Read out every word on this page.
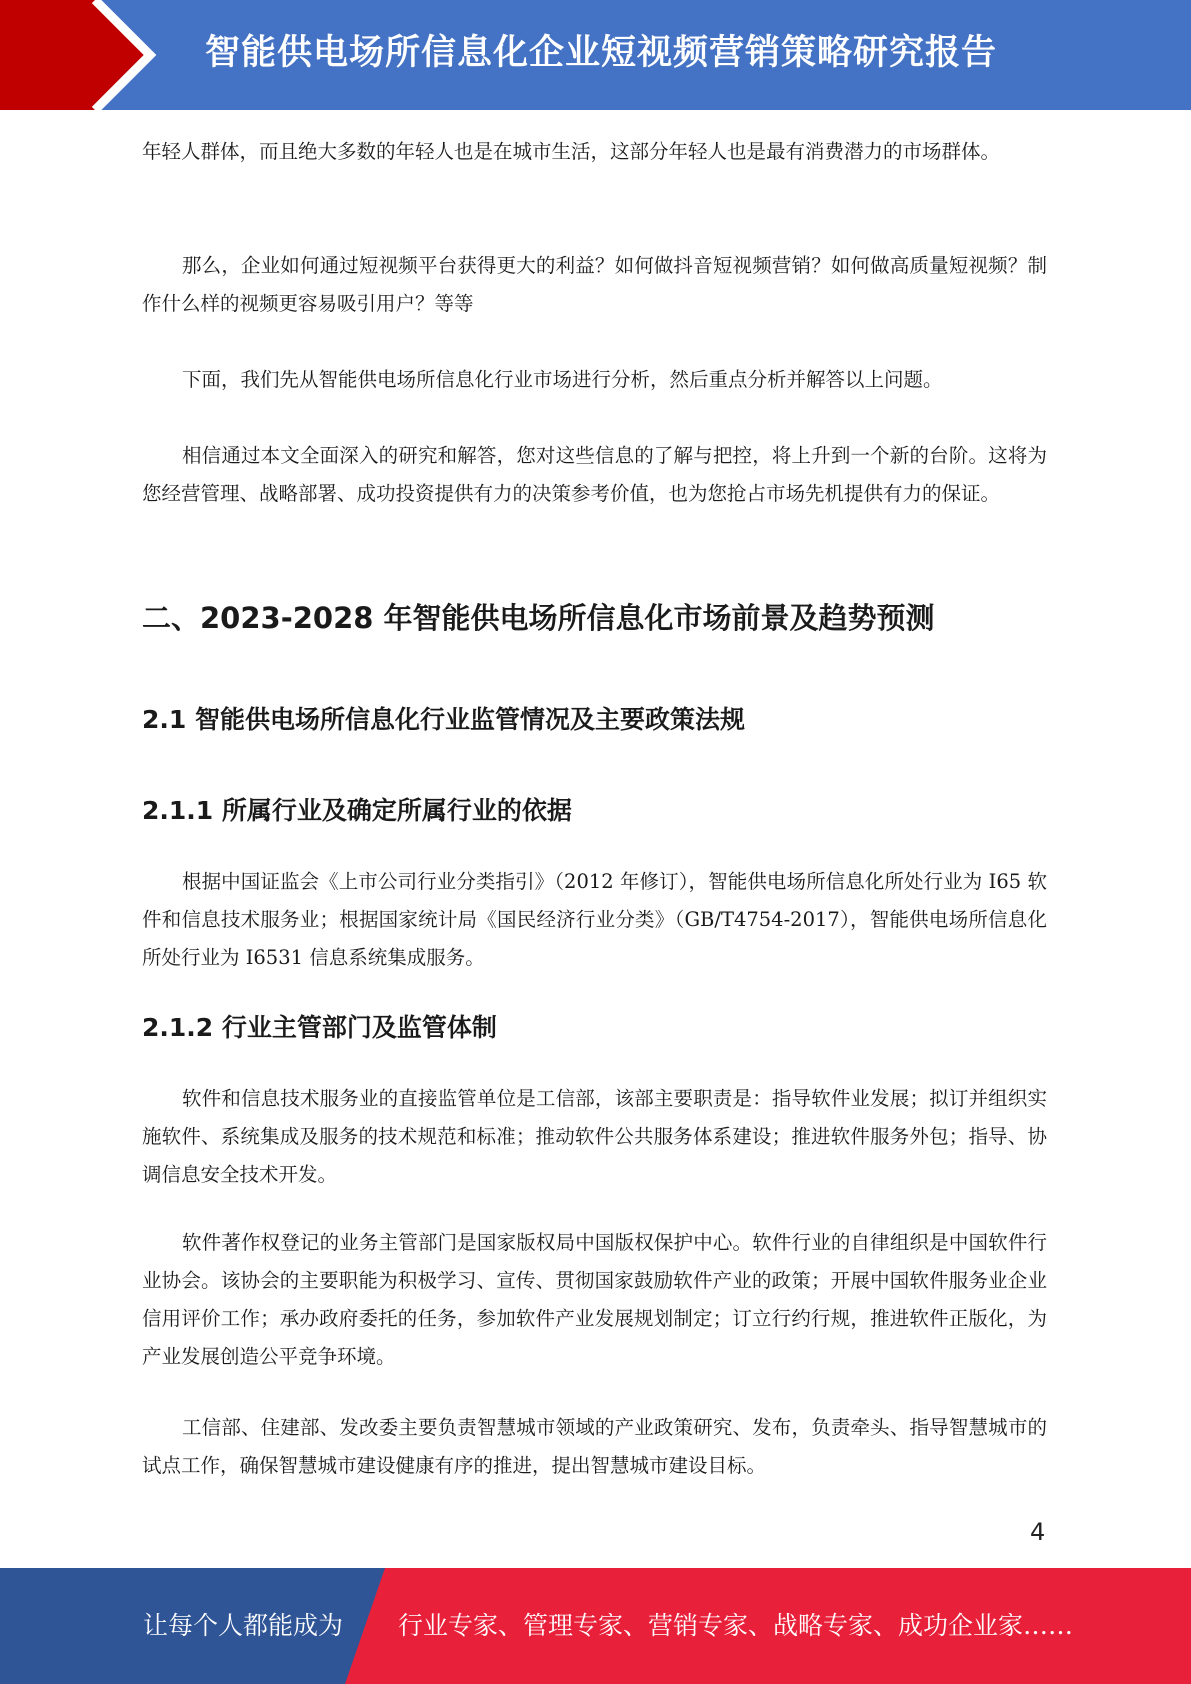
智能供电场所信息化企业短视频营销策略研究报告

年轻人群体，而且绝大多数的年轻人也是在城市生活，这部分年轻人也是最有消费潜力的市场群体。

那么，企业如何通过短视频平台获得更大的利益？如何做抖音短视频营销？如何做高质量短视频？制作什么样的视频更容易吸引用户？等等

下面，我们先从智能供电场所信息化行业市场进行分析，然后重点分析并解答以上问题。

相信通过本文全面深入的研究和解答，您对这些信息的了解与把控，将上升到一个新的台阶。这将为您经营管理、战略部署、成功投资提供有力的决策参考价值，也为您抢占市场先机提供有力的保证。

二、2023-2028 年智能供电场所信息化市场前景及趋势预测
2.1 智能供电场所信息化行业监管情况及主要政策法规
2.1.1 所属行业及确定所属行业的依据

根据中国证监会《上市公司行业分类指引》（2012 年修订），智能供电场所信息化所处行业为 I65 软件和信息技术服务业；根据国家统计局《国民经济行业分类》（GB/T4754-2017），智能供电场所信息化所处行业为 I6531 信息系统集成服务。

2.1.2 行业主管部门及监管体制

软件和信息技术服务业的直接监管单位是工信部，该部主要职责是：指导软件业发展；拟订并组织实施软件、系统集成及服务的技术规范和标准；推动软件公共服务体系建设；推进软件服务外包；指导、协调信息安全技术开发。

软件著作权登记的业务主管部门是国家版权局中国版权保护中心。软件行业的自律组织是中国软件行业协会。该协会的主要职能为积极学习、宣传、贯彻国家鼓励软件产业的政策；开展中国软件服务业企业信用评价工作；承办政府委托的任务，参加软件产业发展规划制定；订立行约行规，推进软件正版化，为产业发展创造公平竞争环境。

工信部、住建部、发改委主要负责智慧城市领域的产业政策研究、发布，负责牵头、指导智慧城市的试点工作，确保智慧城市建设健康有序的推进，提出智慧城市建设目标。

4
让每个人都能成为 行业专家、管理专家、营销专家、战略专家、成功企业家……
